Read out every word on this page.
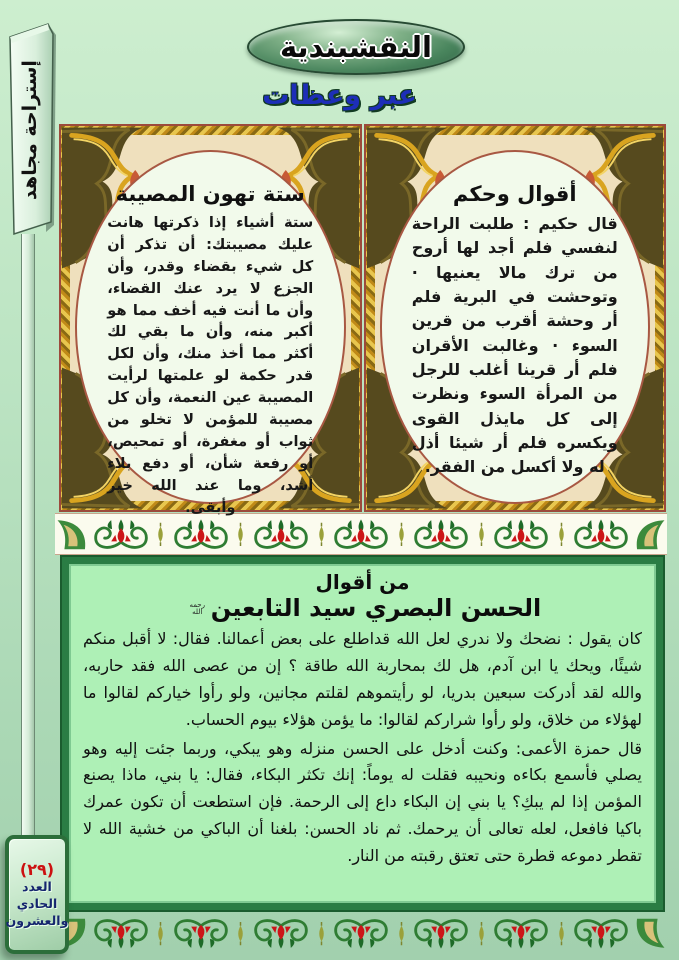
النقشبندية
عبر وعظات
إستراحة مجاهد	ستة تهون المصيبة
ستة أشياء إذا ذكرتها هانت عليك مصيبتك: أن تذكر أن كل شيء بقضاء وقدر، وأن الجزع لا يرد عنك القضاء، وأن ما أنت فيه أخف مما هو أكبر منه، وأن ما بقي لك أكثر مما أخذ منك، وأن لكل قدر حكمة لو علمتها لرأيت المصيبة عين النعمة، وأن كل مصيبة للمؤمن لا تخلو من ثواب أو مغفرة، أو تمحيص، أو رفعة شأن، أو دفع بلاء أشد، وما عند الله خير وأبقى.
أقوال وحكم
قال حكيم : طلبت الراحة لنفسي فلم أجد لها أروح من ترك مالا يعنيها · وتوحشت في البرية فلم أر وحشة أقرب من قرين السوء · وغالبت الأقران فلم أر قرينا أغلب للرجل من المرأة السوء ونظرت إلى كل مايذل القوى ويكسره فلم أر شيئا أذل له ولا أكسل من الفقر.
من أقوال
الحسن البصري سيد التابعينرحمه الله

كان يقول : نضحك ولا ندري لعل الله قداطلع على بعض أعمالنا. فقال: لا أقبل منكم شيئًا، ويحك يا ابن آدم، هل لك بمحاربة الله طاقة ؟ إن من عصى الله فقد حاربه، والله لقد أدركت سبعين بدريا، لو رأيتموهم لقلتم مجانين، ولو رأوا خياركم لقالوا ما لهؤلاء من خلاق، ولو رأوا شراركم لقالوا: ما يؤمن هؤلاء بيوم الحساب.

قال حمزة الأعمى: وكنت أدخل على الحسن منزله وهو يبكي، وربما جئت إليه وهو يصلي فأسمع بكاءه ونحيبه فقلت له يوماً: إنك تكثر البكاء، فقال: يا بني، ماذا يصنع المؤمن إذا لم يبكِ؟ يا بني إن البكاء داع إلى الرحمة. فإن استطعت أن تكون عمرك باكيا فافعل، لعله تعالى أن يرحمك. ثم ناد الحسن: بلغنا أن الباكي من خشية الله لا تقطر دموعه قطرة حتى تعتق رقبته من النار.

(٢٩)
العدد
الحادي
والعشرون
